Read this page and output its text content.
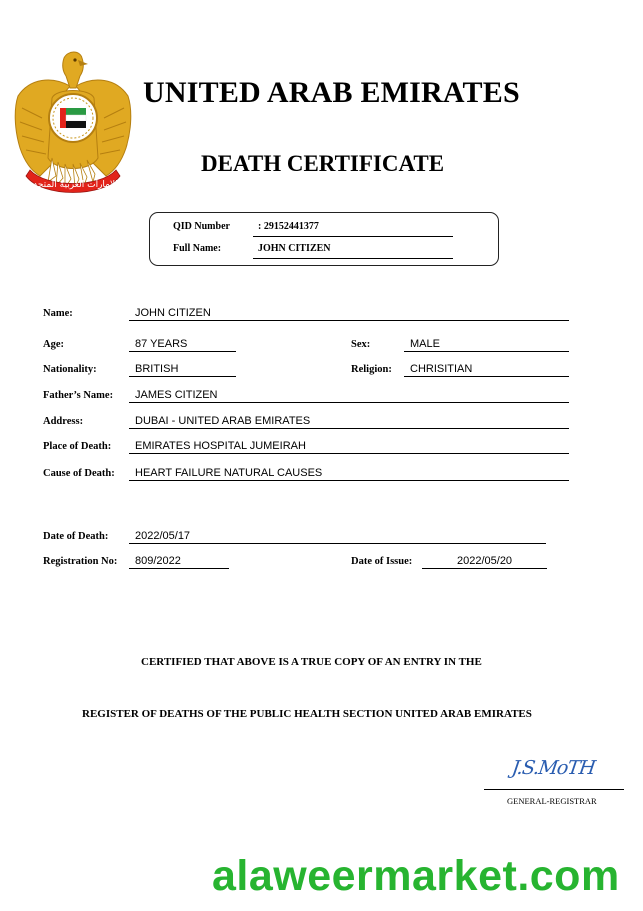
الإمارات العربية المتحدة
UNITED ARAB EMIRATES
DEATH CERTIFICATE
QID Number	: 29152441377
Full Name:	JOHN CITIZEN
Name:	JOHN CITIZEN
Age:	87 YEARS	Sex:	MALE
Nationality:	BRITISH	Religion: CHRISITIAN
Father’s Name: JAMES CITIZEN
Address:	DUBAI - UNITED ARAB EMIRATES
Place of Death: EMIRATES HOSPITAL JUMEIRAH
Cause of Death: HEART FAILURE NATURAL CAUSES
Date of Death: 2022/05/17
Registration No: 809/2022	Date of Issue:	2022/05/20
CERTIFIED THAT ABOVE IS A TRUE COPY OF AN ENTRY IN THE
REGISTER OF DEATHS OF THE PUBLIC HEALTH SECTION UNITED ARAB EMIRATES
J.S.MoTH
GENERAL-REGISTRAR
alaweermarket.com
